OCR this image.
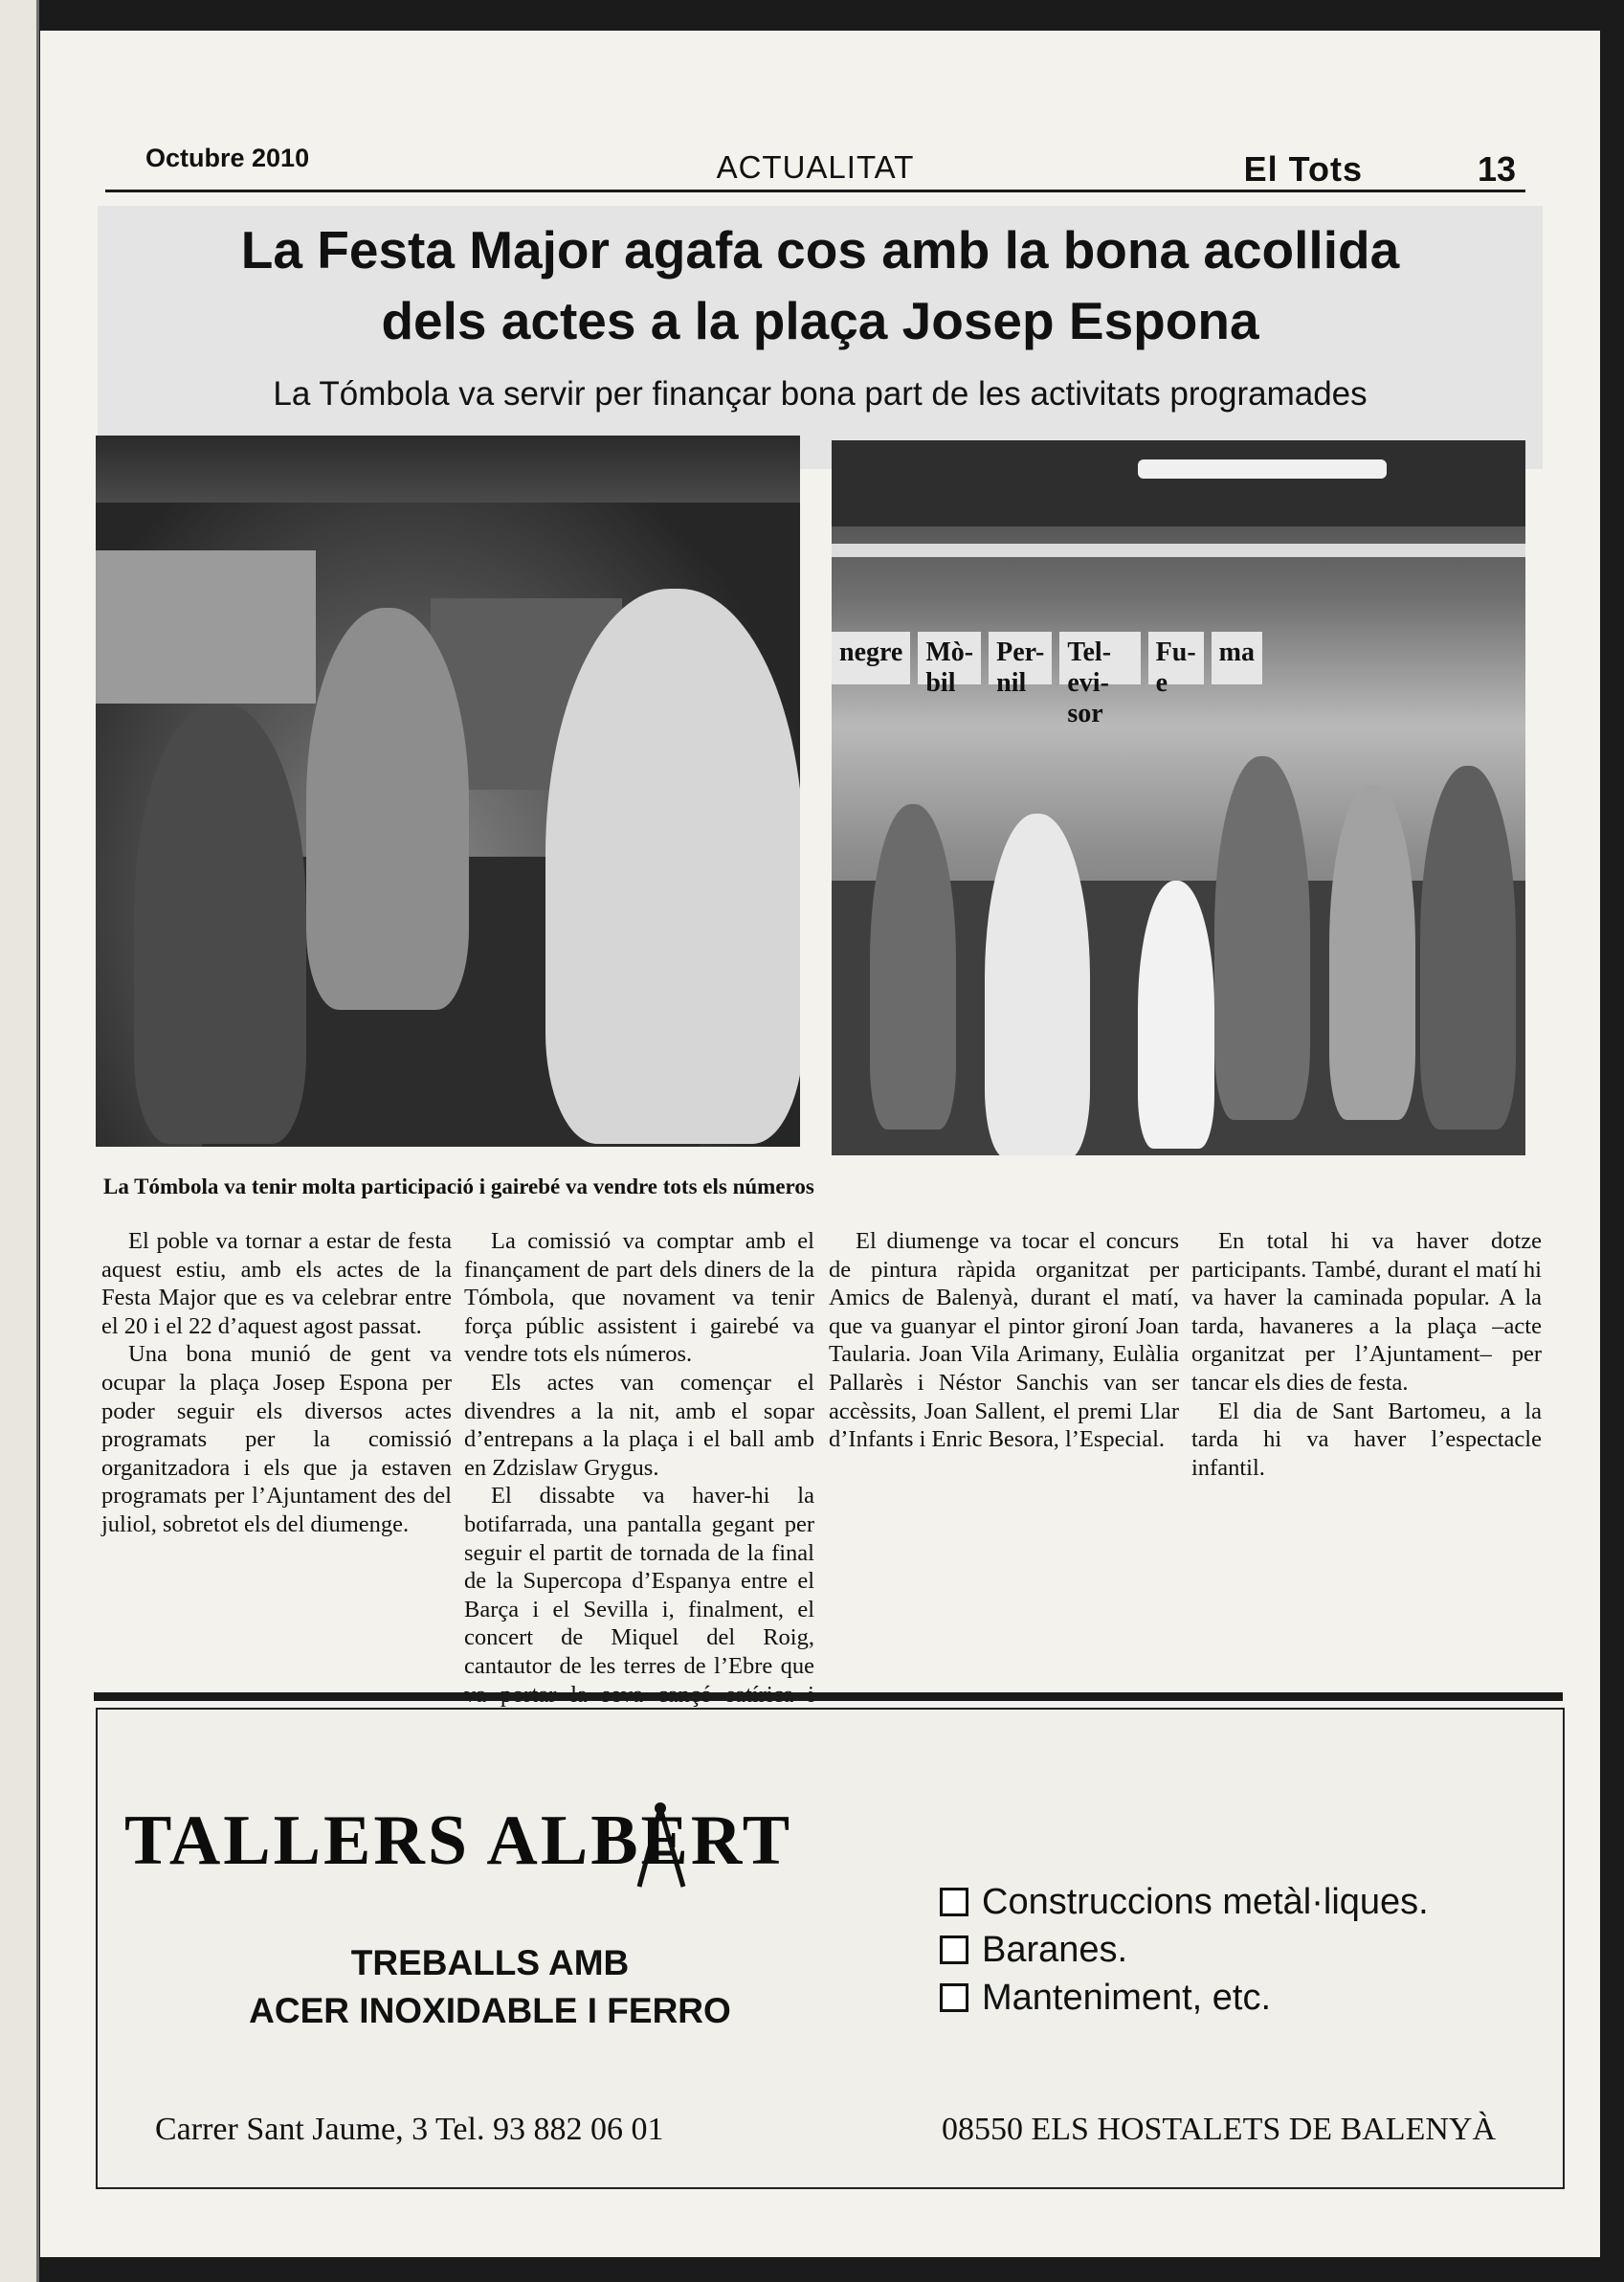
Octubre 2010	ACTUALITAT	El Tots	13
La Festa Major agafa cos amb la bona acollida
dels actes a la plaça Josep Espona
La Tómbola va servir per finançar bona part de les activitats programades
negre Mò-bil
Per-nil
Tel-evi-sor
Fu-e
ma
La Tómbola va tenir molta participació i gairebé va vendre tots els números

El poble va tornar a estar de festa aquest estiu, amb els actes de la Festa Major que es va celebrar entre el 20 i el 22 d’aquest agost passat.

Una bona munió de gent va ocupar la plaça Josep Espona per poder seguir els diversos actes programats per la comissió organitzadora i els que ja estaven programats per l’Ajuntament des del juliol, sobretot els del diumenge.

La comissió va comptar amb el finançament de part dels diners de la Tómbola, que novament va tenir força públic assistent i gairebé va vendre tots els números.

Els actes van començar el divendres a la nit, amb el sopar d’entrepans a la plaça i el ball amb en Zdzislaw Grygus.

El dissabte va haver-hi la botifarrada, una pantalla gegant per seguir el partit de tornada de la final de la Supercopa d’Espanya entre el Barça i el Sevilla i, finalment, el concert de Miquel del Roig, cantautor de les terres de l’Ebre que

El diumenge va tocar el concurs de pintura ràpida organitzat per Amics de Balenyà, durant el matí, que va guanyar el pintor gironí Joan Taularia. Joan Vila Arimany, Eulàlia Pallarès i Néstor Sanchis van ser accèssits, Joan Sallent, el premi Llar d’Infants i Enric Besora, l’Especial.

En total hi va haver dotze participants. També, durant el matí hi va haver la caminada popular. A la tarda, havaneres a la plaça –acte organitzat per l’Ajuntament– per tancar els dies de festa.

El dia de Sant Bartomeu, a la tarda hi va haver l’espectacle infantil.

TALLERS ALBERT
TREBALLS AMB
ACER INOXIDABLE I FERRO
Construccions metàl·liques.
Baranes.
Manteniment, etc.
Carrer Sant Jaume, 3 Tel. 93 882 06 01	08550 ELS HOSTALETS DE BALENYÀ
